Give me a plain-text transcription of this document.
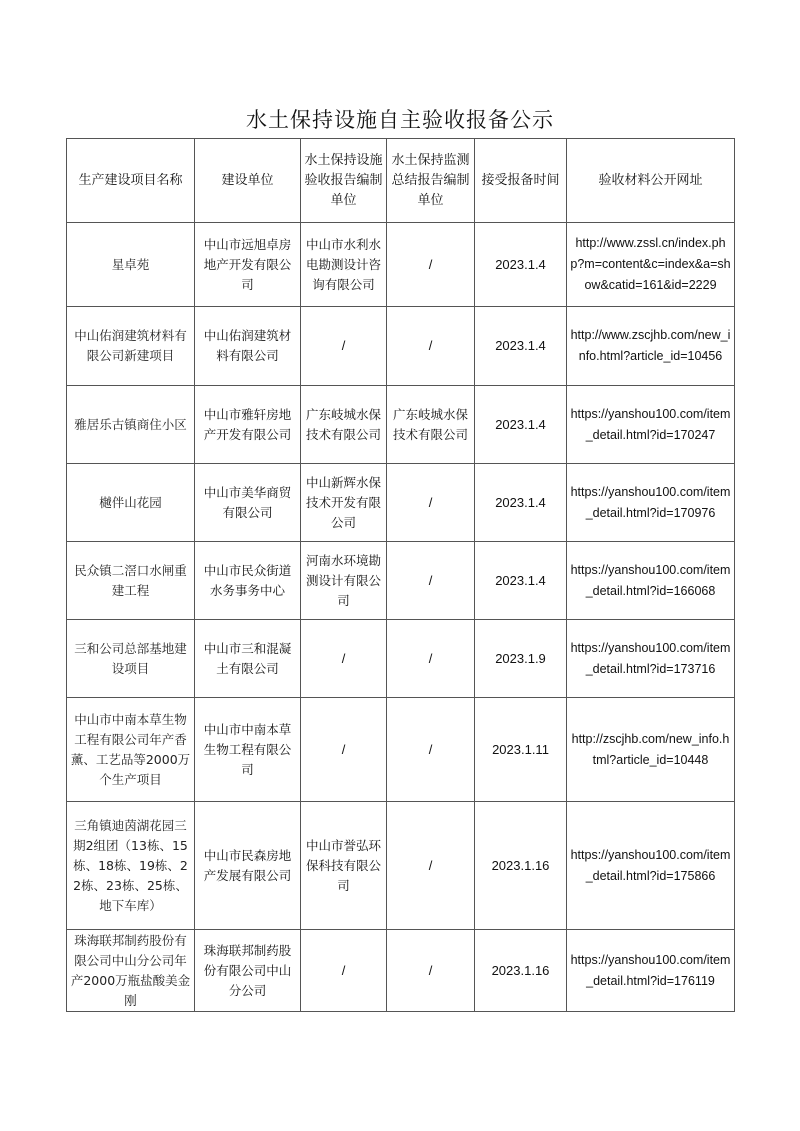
水土保持设施自主验收报备公示
生产建设项目名称	建设单位	水土保持设施验收报告编制单位	水土保持监测总结报告编制单位	接受报备时间	验收材料公开网址
星卓苑	中山市远旭卓房地产开发有限公司	中山市水利水电勘测设计咨询有限公司	/	2023.1.4	http://www.zssl.cn/index.php?m=content&c=index&a=show&catid=161&id=2229
中山佑润建筑材料有限公司新建项目	中山佑润建筑材料有限公司	/	/	2023.1.4	http://www.zscjhb.com/new_info.html?article_id=10456
雅居乐古镇商住小区	中山市雅轩房地产开发有限公司	广东岐城水保技术有限公司	广东岐城水保技术有限公司	2023.1.4	https://yanshou100.com/item_detail.html?id=170247
樾伴山花园	中山市美华商贸有限公司	中山新辉水保技术开发有限公司	/	2023.1.4	https://yanshou100.com/item_detail.html?id=170976
民众镇二滘口水闸重建工程	中山市民众街道水务事务中心	河南水环境勘测设计有限公司	/	2023.1.4	https://yanshou100.com/item_detail.html?id=166068
三和公司总部基地建设项目	中山市三和混凝土有限公司	/	/	2023.1.9	https://yanshou100.com/item_detail.html?id=173716
中山市中南本草生物工程有限公司年产香薰、工艺品等2000万个生产项目	中山市中南本草生物工程有限公司	/	/	2023.1.11	http://zscjhb.com/new_info.html?article_id=10448
三角镇迪茵湖花园三期2组团（13栋、15栋、18栋、19栋、22栋、23栋、25栋、地下车库）	中山市民森房地产发展有限公司	中山市誉弘环保科技有限公司	/	2023.1.16	https://yanshou100.com/item_detail.html?id=175866
珠海联邦制药股份有限公司中山分公司年产2000万瓶盐酸美金刚	珠海联邦制药股份有限公司中山分公司	/	/	2023.1.16	https://yanshou100.com/item_detail.html?id=176119
